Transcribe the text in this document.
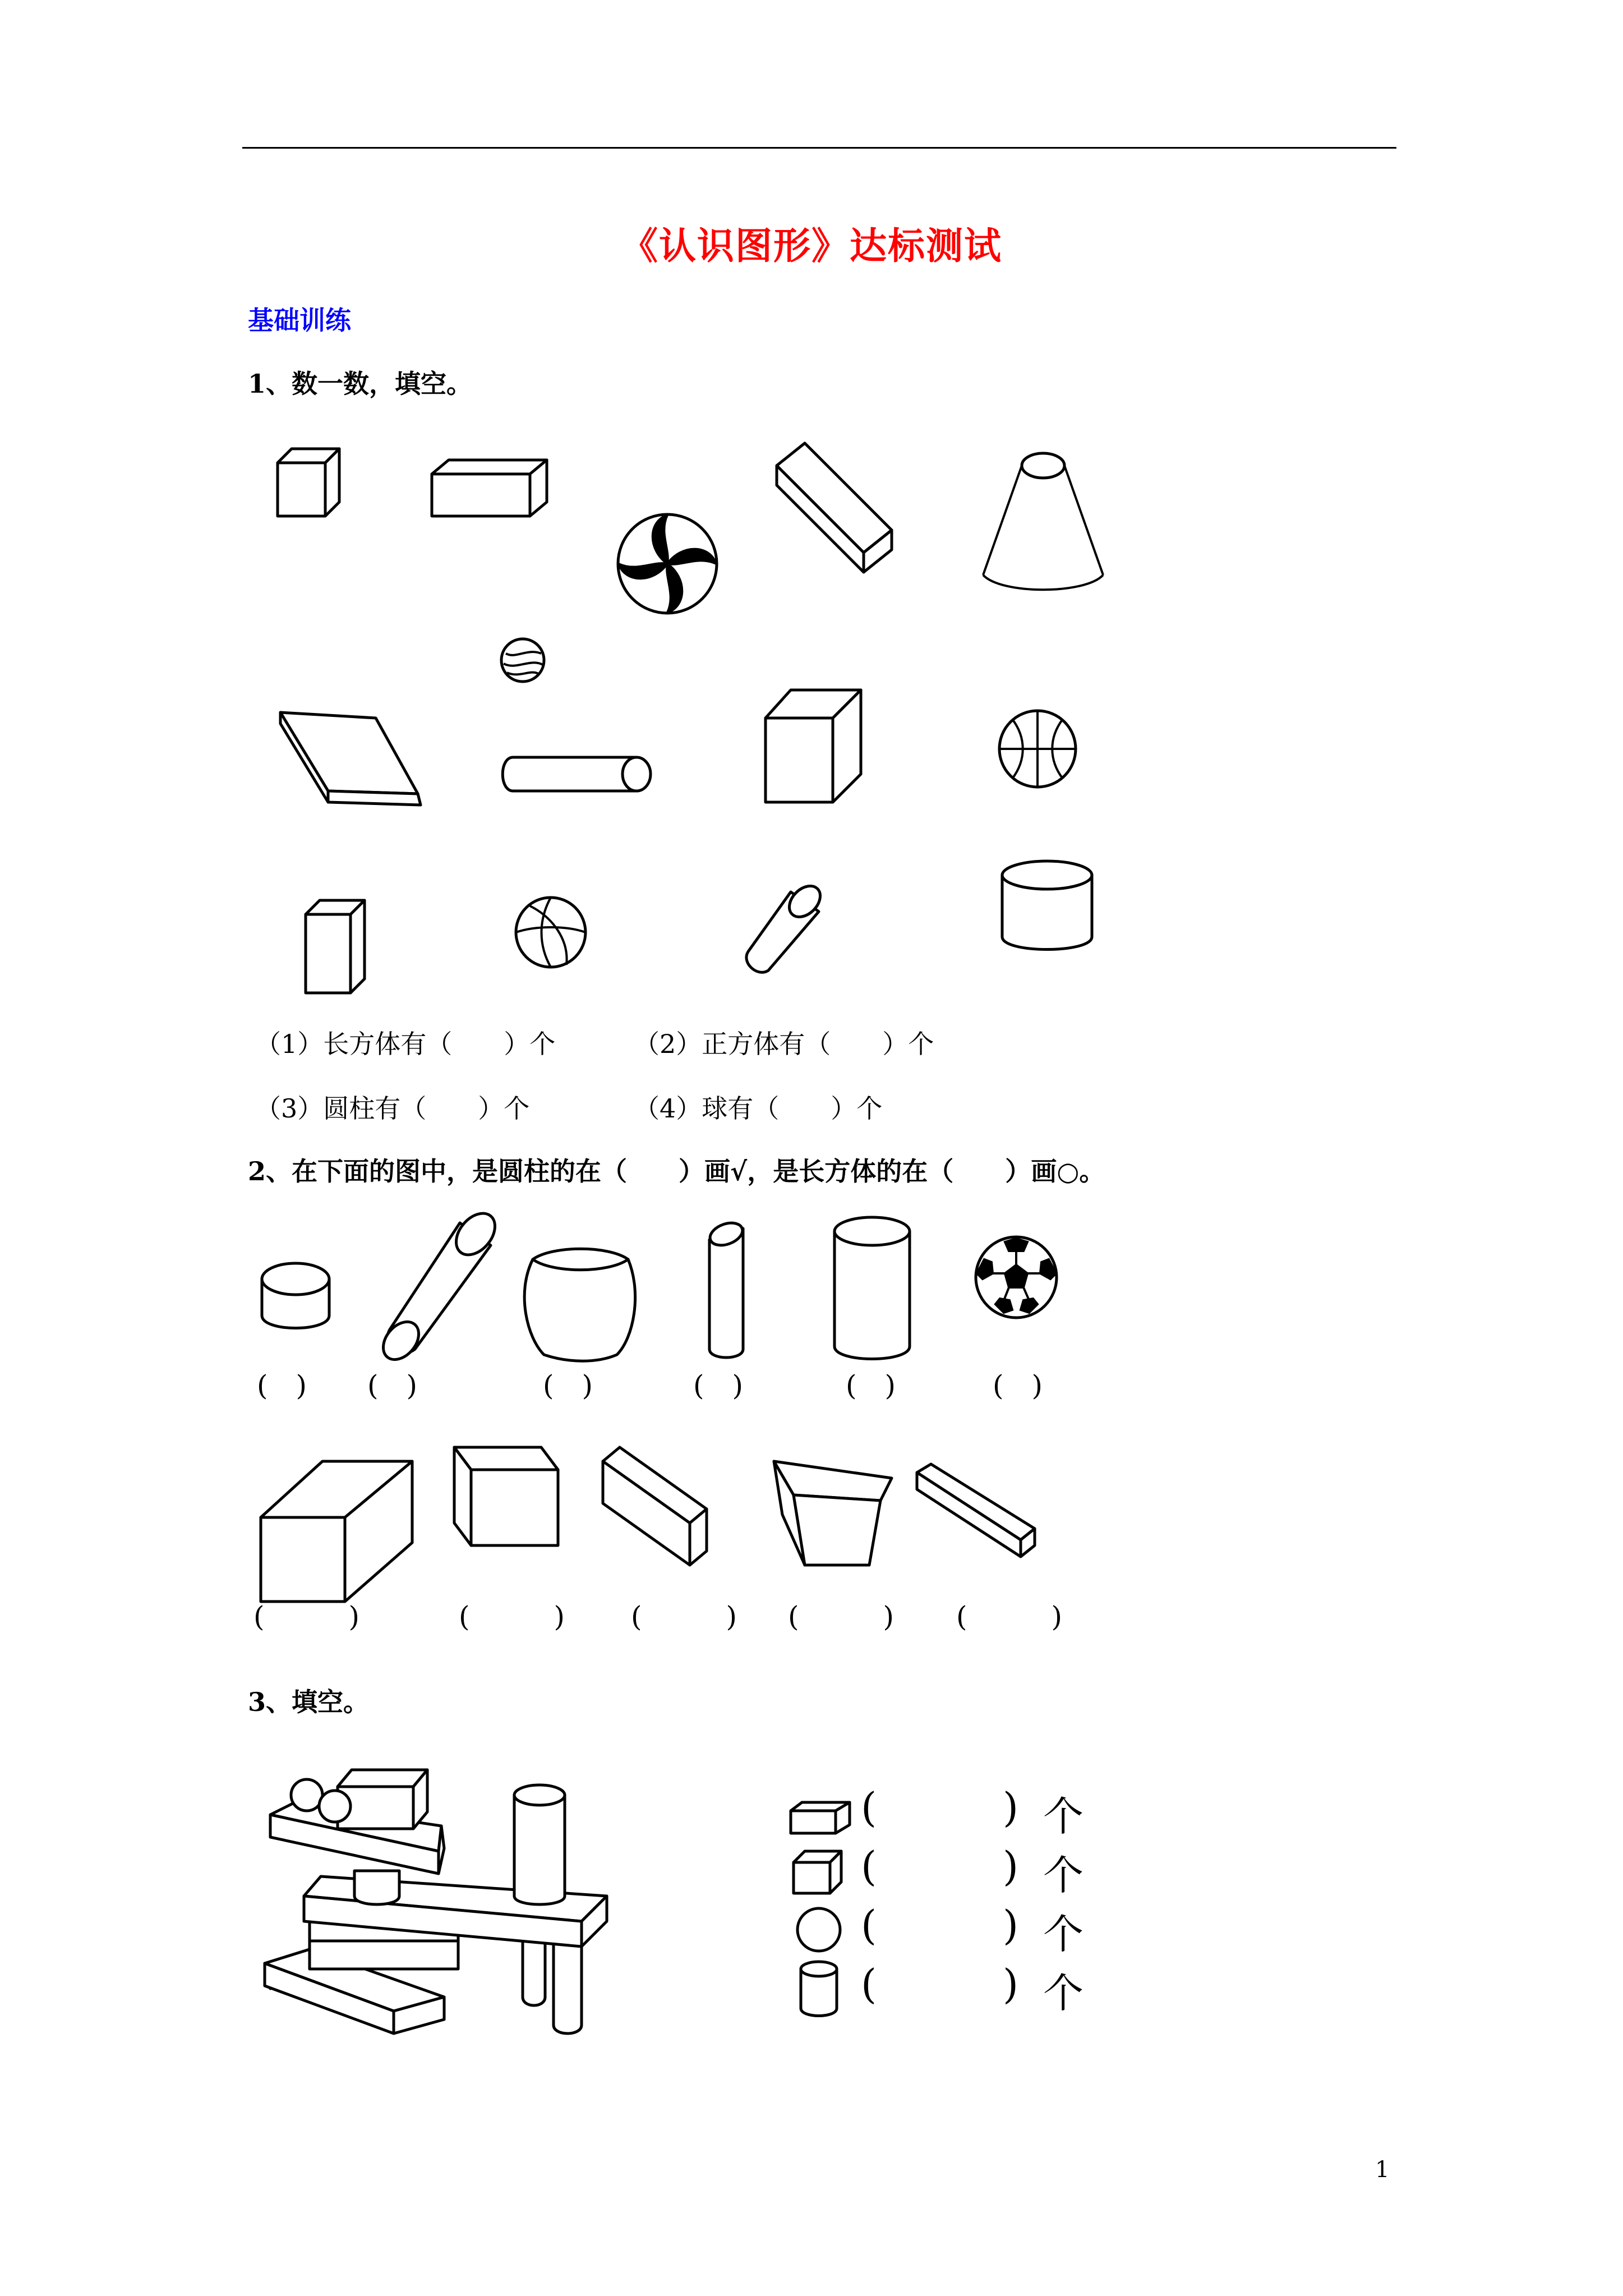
《认识图形》达标测试
基础训练
1、数一数，填空。
（1）长方体有（　　）个	（2）正方体有（　　）个
（3）圆柱有（　　）个	（4）球有（　　）个
2、在下面的图中，是圆柱的在（　　）画√，是长方体的在（　　）画○。
(　) (　)	(　)	(　)	(　)	(　)
(　　　)	(　　　) (　　　) (　　　) (　　　)
3、填空。
(	) 个
(	) 个
(	) 个
(	) 个
1
